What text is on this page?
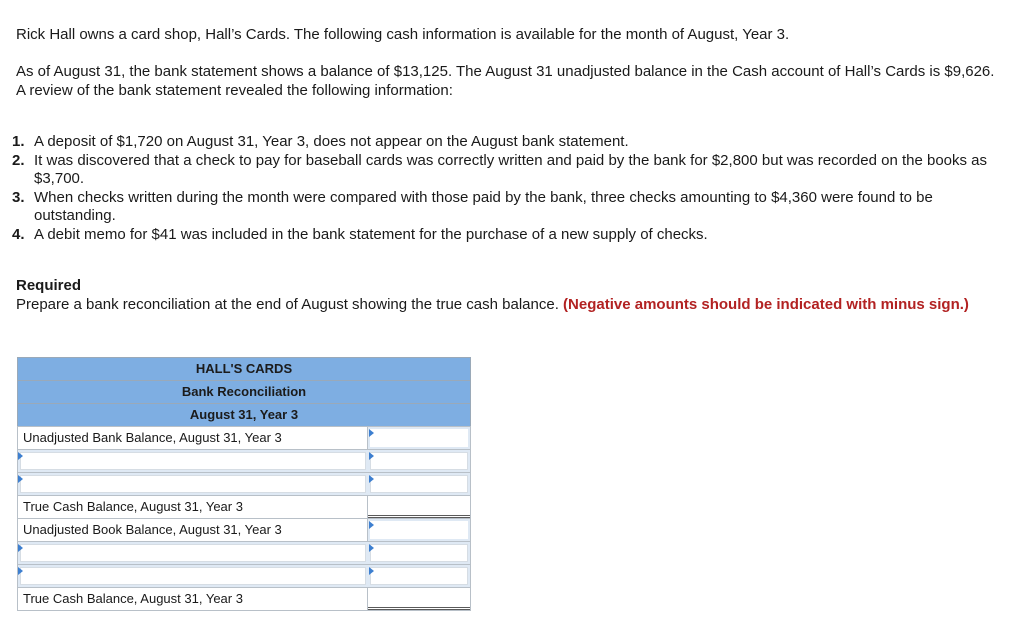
Rick Hall owns a card shop, Hall’s Cards. The following cash information is available for the month of August, Year 3.
As of August 31, the bank statement shows a balance of $13,125. The August 31 unadjusted balance in the Cash account of Hall’s Cards is $9,626. A review of the bank statement revealed the following information:
1. A deposit of $1,720 on August 31, Year 3, does not appear on the August bank statement.
2. It was discovered that a check to pay for baseball cards was correctly written and paid by the bank for $2,800 but was recorded on the books as $3,700.
3. When checks written during the month were compared with those paid by the bank, three checks amounting to $4,360 were found to be outstanding.
4. A debit memo for $41 was included in the bank statement for the purchase of a new supply of checks.
Required
Prepare a bank reconciliation at the end of August showing the true cash balance. (Negative amounts should be indicated with minus sign.)
HALL'S CARDS
Bank Reconciliation
August 31, Year 3
Unadjusted Bank Balance, August 31, Year 3
True Cash Balance, August 31, Year 3
Unadjusted Book Balance, August 31, Year 3
True Cash Balance, August 31, Year 3
